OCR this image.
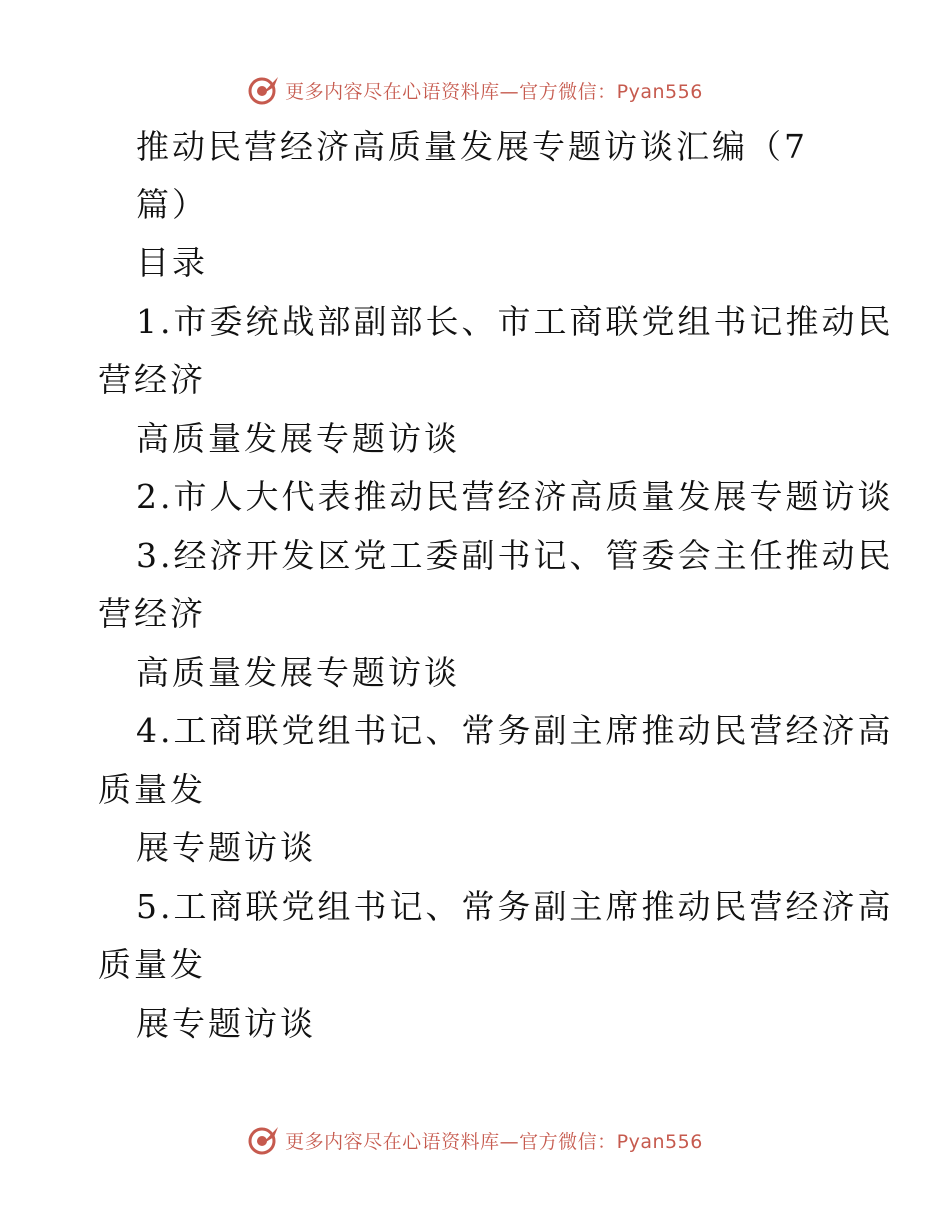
更多内容尽在心语资料库—官方微信：Pyan556

推动民营经济高质量发展专题访谈汇编（7

篇）

目录

1.市委统战部副部长、市工商联党组书记推动民

营经济

高质量发展专题访谈

2.市人大代表推动民营经济高质量发展专题访谈

3.经济开发区党工委副书记、管委会主任推动民

营经济

高质量发展专题访谈

4.工商联党组书记、常务副主席推动民营经济高

质量发

展专题访谈

5.工商联党组书记、常务副主席推动民营经济高

质量发

展专题访谈

更多内容尽在心语资料库—官方微信：Pyan556
